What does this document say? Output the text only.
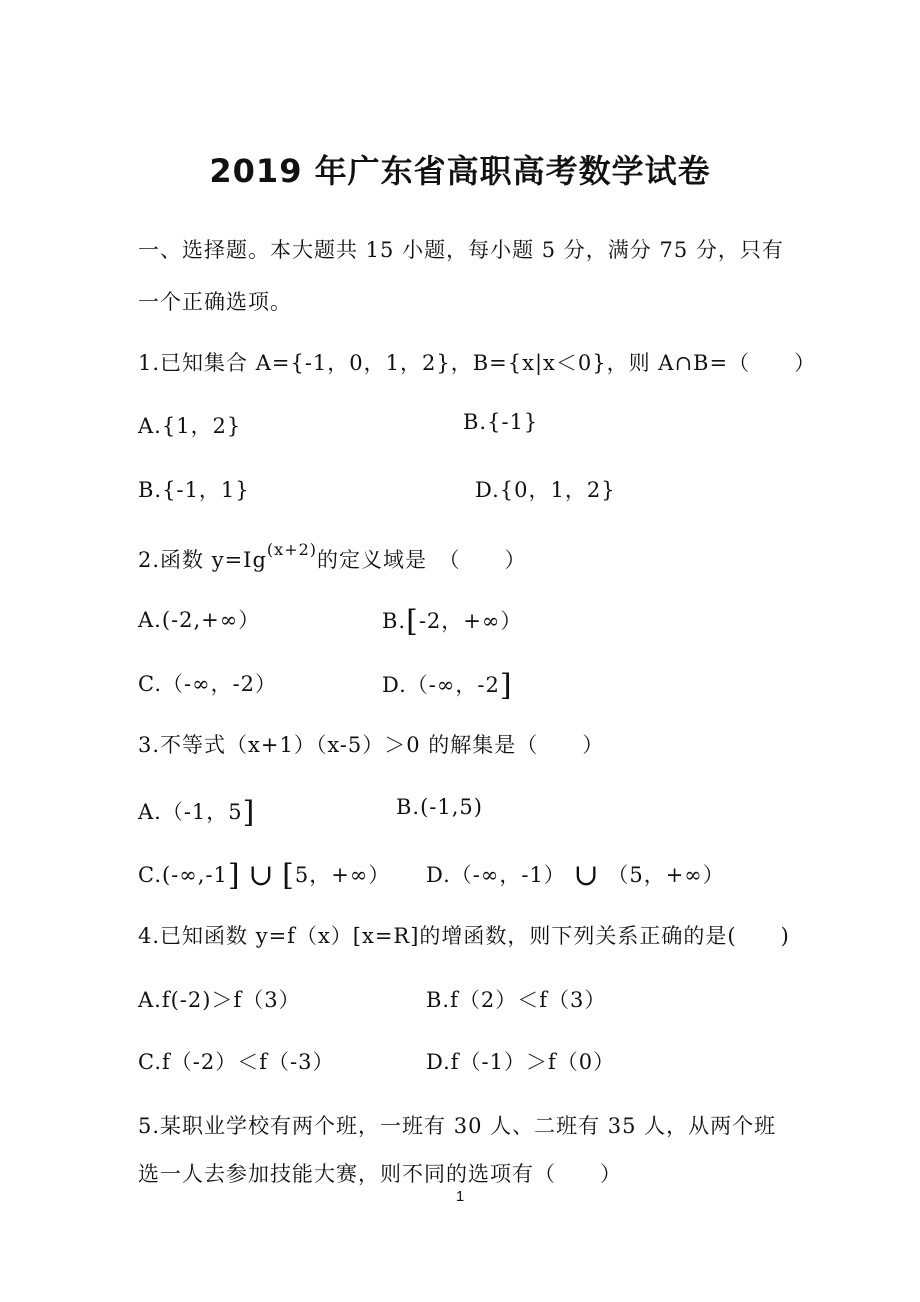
2019 年广东省高职高考数学试卷
一、选择题。本大题共 15 小题，每小题 5 分，满分 75 分，只有
一个正确选项。
1.已知集合 A={-1，0，1，2}，B={x|x＜0}，则 A∩B=（　　）
A.{1，2}	B.{-1}
B.{-1，1}	D.{0，1，2}
2.函数 $y=Ig^{(x+2)}$的定义域是　（　　）
A.(-2,+∞）	B.[-2，+∞）
C.（-∞，-2）	D.（-∞，-2]
3.不等式（x+1）（x-5）＞0 的解集是（　　）
A.（-1，5]	B.(-1,5)
C.(-∞,-1] ∪ [5，+∞） D.（-∞，-1） ∪ （5，+∞）
4.已知函数 y=f（x）[x=R]的增函数，则下列关系正确的是(　　)
A.f(-2)＞f（3）	B.f（2）＜f（3）
C.f（-2）＜f（-3）	D.f（-1）＞f（0）
5.某职业学校有两个班，一班有 30 人、二班有 35 人，从两个班
选一人去参加技能大赛，则不同的选项有（　　）
1
